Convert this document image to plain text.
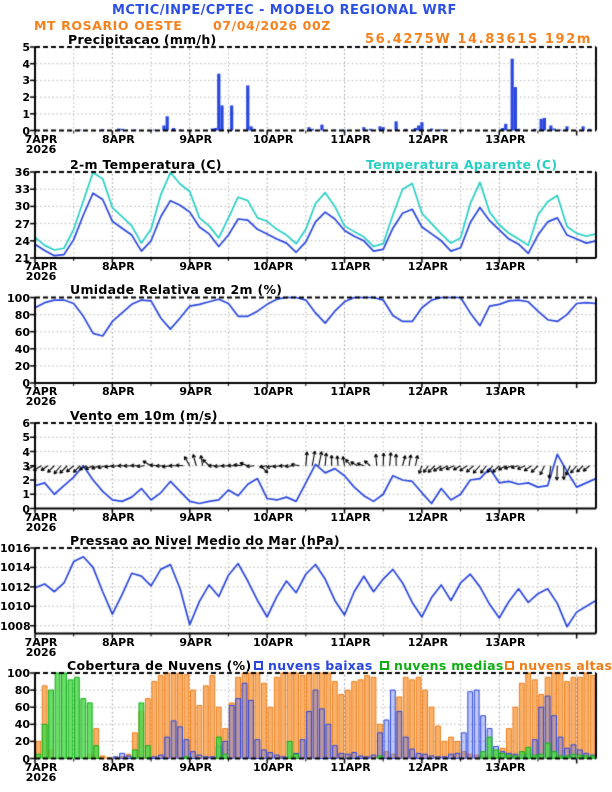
MCTIC/INPE/CPTEC - MODELO REGIONAL WRF
MT ROSARIO OESTE 07/04/2026 00Z
56.4275W 14.8361S 192m
Precipitacao (mm/h)
2-m Temperatura (C)	Temperatura Aparente (C)
Umidade Relativa em 2m (%)
Vento em 10m (m/s)
Pressao ao Nivel Medio do Mar (hPa)
Cobertura de Nuvens (%) nuvens baixas nuvens medias nuvens altas
0
1
2
3
4
5
7APR	8APR	9APR	10APR	11APR	12APR	13APR
2026
21
24
27
30
33
36
7APR	8APR	9APR	10APR	11APR	12APR	13APR
2026
0
20
40
60
80
100
7APR	8APR	9APR	10APR	11APR	12APR	13APR
2026
0
1
2
3
4
5
6
7APR	8APR	9APR	10APR	11APR	12APR	13APR
2026
1008
1010
1012
1014
1016
7APR	8APR	9APR	10APR	11APR	12APR	13APR
2026
0
20
40
60
80
100
7APR	8APR	9APR	10APR	11APR	12APR	13APR
2026
